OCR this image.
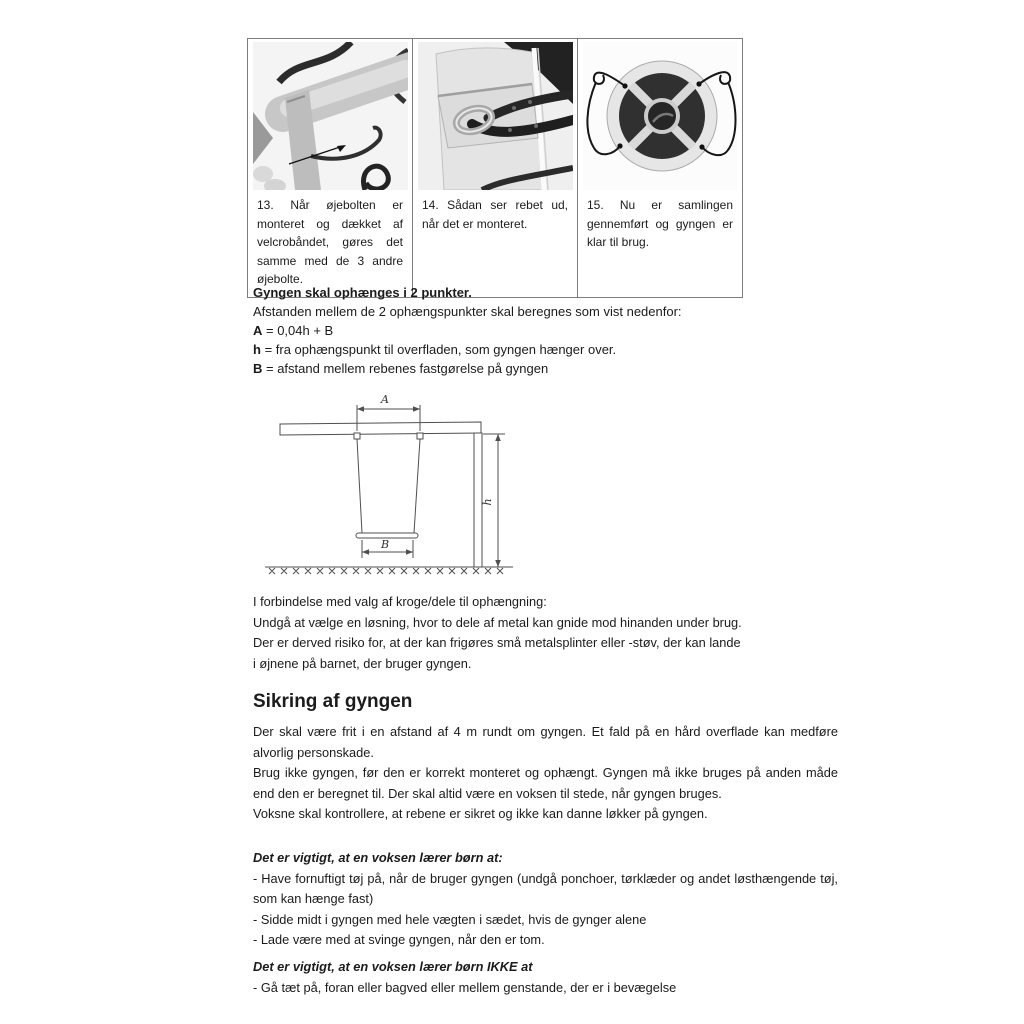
13. Når øjebolten er monteret og dækket af velcrobåndet, gøres det samme med de 3 andre øjebolte.

14. Sådan ser rebet ud, når det er monteret.

15. Nu er samlingen gennemført og gyngen er klar til brug.

Gyngen skal ophænges i 2 punkter.
Afstanden mellem de 2 ophængspunkter skal beregnes som vist nedenfor:
A = 0,04h + B
h = fra ophængspunkt til overfladen, som gyngen hænger over.
B = afstand mellem rebenes fastgørelse på gyngen
A
B
h

I forbindelse med valg af kroge/dele til ophængning:

Undgå at vælge en løsning, hvor to dele af metal kan gnide mod hinanden under brug. Der er derved risiko for, at der kan frigøres små metalsplinter eller -støv, der kan lande i øjnene på barnet, der bruger gyngen.

Sikring af gyngen

Der skal være frit i en afstand af 4 m rundt om gyngen. Et fald på en hård overflade kan medføre alvorlig personskade.

Brug ikke gyngen, før den er korrekt monteret og ophængt. Gyngen må ikke bruges på anden måde end den er beregnet til. Der skal altid være en voksen til stede, når gyngen bruges.

Voksne skal kontrollere, at rebene er sikret og ikke kan danne løkker på gyngen.

Det er vigtigt, at en voksen lærer børn at:
- Have fornuftigt tøj på, når de bruger gyngen (undgå ponchoer, tørklæder og andet løsthængende tøj, som kan hænge fast)
- Sidde midt i gyngen med hele vægten i sædet, hvis de gynger alene
- Lade være med at svinge gyngen, når den er tom.
Det er vigtigt, at en voksen lærer børn IKKE at
- Gå tæt på, foran eller bagved eller mellem genstande, der er i bevægelse
